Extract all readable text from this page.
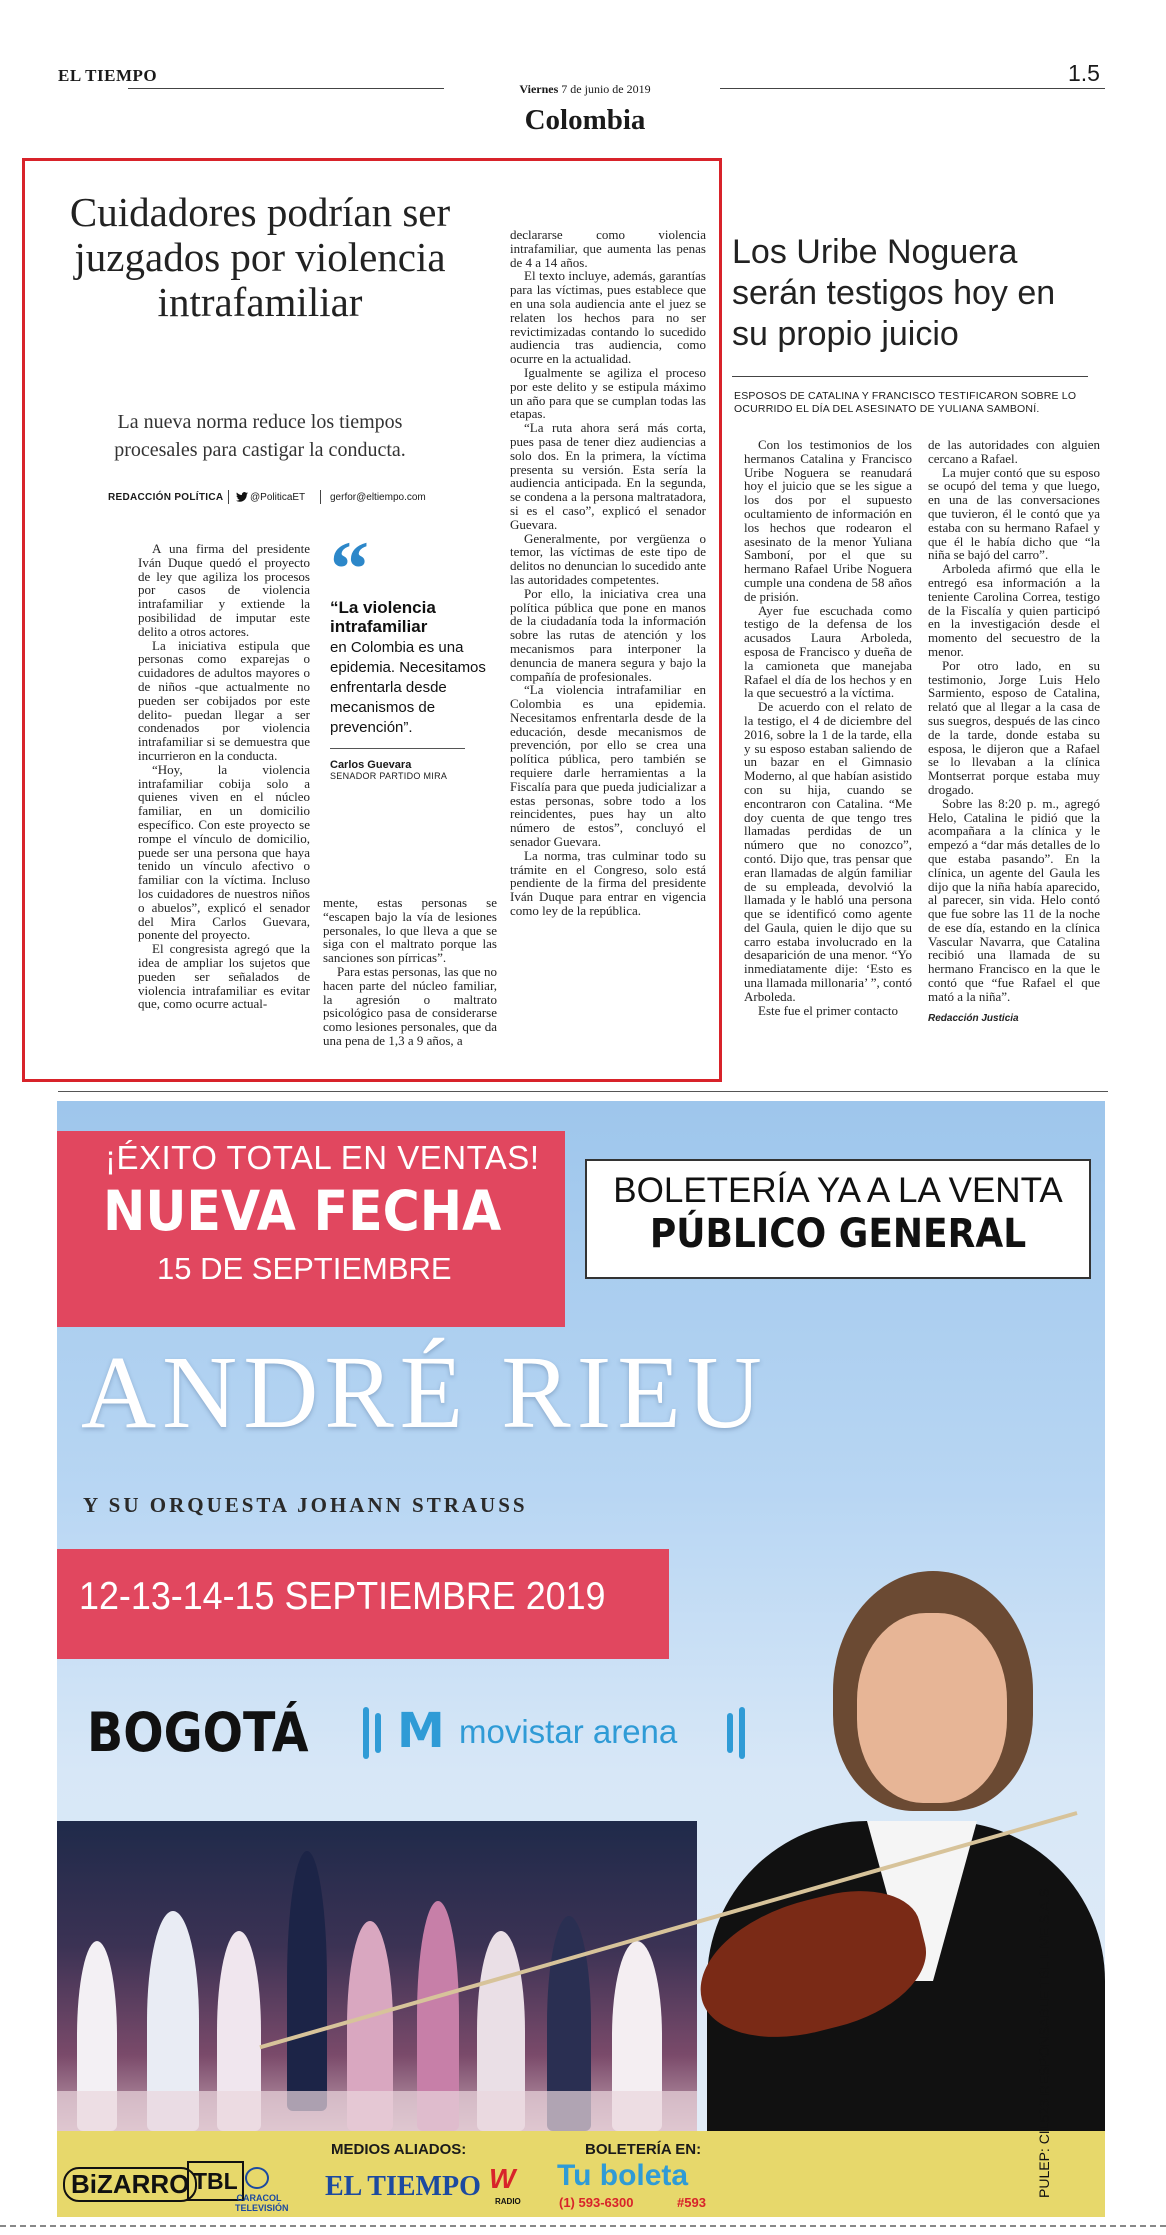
EL TIEMPO
Viernes 7 de junio de 2019
1.5
Colombia
Cuidadores podrían ser juzgados por violencia intrafamiliar
La nueva norma reduce los tiempos procesales para castigar la conducta.
REDACCIÓN POLÍTICA	@PoliticaET gerfor@eltiempo.com

A una firma del presidente Iván Duque quedó el proyecto de ley que agiliza los procesos por casos de violencia intrafamiliar y extiende la posibilidad de imputar este delito a otros actores.

La iniciativa estipula que personas como exparejas o cuidadores de adultos mayores o de niños -que actualmente no pueden ser cobijados por este delito- puedan llegar a ser condenados por violencia intrafamiliar si se demuestra que incurrieron en la conducta.

“Hoy, la violencia intrafamiliar cobija solo a quienes viven en el núcleo familiar, en un domicilio específico. Con este proyecto se rompe el vínculo de domicilio, puede ser una persona que haya tenido un vínculo afectivo o familiar con la víctima. Incluso los cuidadores de nuestros niños o abuelos”, explicó el senador del Mira Carlos Guevara, ponente del proyecto.

El congresista agregó que la idea de ampliar los sujetos que pueden ser señalados de violencia intrafamiliar es evitar que, como ocurre actual-

“
“La violencia intrafamiliar
en Colombia es una epidemia. Necesitamos enfrentarla desde mecanismos de prevención”.
Carlos Guevara
SENADOR PARTIDO MIRA

mente, estas personas se “escapen bajo la vía de lesiones personales, lo que lleva a que se siga con el maltrato porque las sanciones son pírricas”.

Para estas personas, las que no hacen parte del núcleo familiar, la agresión o maltrato psicológico pasa de considerarse como lesiones personales, que da una pena de 1,3 a 9 años, a

declararse como violencia intrafamiliar, que aumenta las penas de 4 a 14 años.

El texto incluye, además, garantías para las víctimas, pues establece que en una sola audiencia ante el juez se relaten los hechos para no ser revictimizadas contando lo sucedido audiencia tras audiencia, como ocurre en la actualidad.

Igualmente se agiliza el proceso por este delito y se estipula máximo un año para que se cumplan todas las etapas.

“La ruta ahora será más corta, pues pasa de tener diez audiencias a solo dos. En la primera, la víctima presenta su versión. Esta sería la audiencia anticipada. En la segunda, se condena a la persona maltratadora, si es el caso”, explicó el senador Guevara.

Generalmente, por vergüenza o temor, las víctimas de este tipo de delitos no denuncian lo sucedido ante las autoridades competentes.

Por ello, la iniciativa crea una política pública que pone en manos de la ciudadanía toda la información sobre las rutas de atención y los mecanismos para interponer la denuncia de manera segura y bajo la compañía de profesionales.

“La violencia intrafamiliar en Colombia es una epidemia. Necesitamos enfrentarla desde de la educación, desde mecanismos de prevención, por ello se crea una política pública, pero también se requiere darle herramientas a la Fiscalía para que pueda judicializar a estas personas, sobre todo a los reincidentes, pues hay un alto número de estos”, concluyó el senador Guevara.

La norma, tras culminar todo su trámite en el Congreso, solo está pendiente de la firma del presidente Iván Duque para entrar en vigencia como ley de la república.

Los Uribe Noguera serán testigos hoy en su propio juicio
ESPOSOS DE CATALINA Y FRANCISCO TESTIFICARON SOBRE LO OCURRIDO EL DÍA DEL ASESINATO DE YULIANA SAMBONÍ.

Con los testimonios de los hermanos Catalina y Francisco Uribe Noguera se reanudará hoy el juicio que se les sigue a los dos por el supuesto ocultamiento de información en los hechos que rodearon el asesinato de la menor Yuliana Samboní, por el que su hermano Rafael Uribe Noguera cumple una condena de 58 años de prisión.

Ayer fue escuchada como testigo de la defensa de los acusados Laura Arboleda, esposa de Francisco y dueña de la camioneta que manejaba Rafael el día de los hechos y en la que secuestró a la víctima.

De acuerdo con el relato de la testigo, el 4 de diciembre del 2016, sobre la 1 de la tarde, ella y su esposo estaban saliendo de un bazar en el Gimnasio Moderno, al que habían asistido con su hija, cuando se encontraron con Catalina. “Me doy cuenta de que tengo tres llamadas perdidas de un número que no conozco”, contó. Dijo que, tras pensar que eran llamadas de algún familiar de su empleada, devolvió la llamada y le habló una persona que se identificó como agente del Gaula, quien le dijo que su carro estaba involucrado en la desaparición de una menor. “Yo inmediatamente dije: ‘Esto es una llamada millonaria’ ”, contó Arboleda.

Este fue el primer contacto

de las autoridades con alguien cercano a Rafael.

La mujer contó que su esposo se ocupó del tema y que luego, en una de las conversaciones que tuvieron, él le contó que ya estaba con su hermano Rafael y que él le había dicho que “la niña se bajó del carro”.

Arboleda afirmó que ella le entregó esa información a la teniente Carolina Correa, testigo de la Fiscalía y quien participó en la investigación desde el momento del secuestro de la menor.

Por otro lado, en su testimonio, Jorge Luis Helo Sarmiento, esposo de Catalina, relató que al llegar a la casa de sus suegros, después de las cinco de la tarde, donde estaba su esposa, le dijeron que a Rafael se lo llevaban a la clínica Montserrat porque estaba muy drogado.

Sobre las 8:20 p. m., agregó Helo, Catalina le pidió que la acompañara a la clínica y le empezó a “dar más detalles de lo que estaba pasando”. En la clínica, un agente del Gaula les dijo que la niña había aparecido, al parecer, sin vida. Helo contó que fue sobre las 11 de la noche de ese día, estando en la clínica Vascular Navarra, que Catalina recibió una llamada de su hermano Francisco en la que le contó que “fue Rafael el que mató a la niña”.

Redacción Justicia
¡ÉXITO TOTAL EN VENTAS!
NUEVA FECHA
15 DE SEPTIEMBRE
BOLETERÍA YA A LA VENTA
PÚBLICO GENERAL
ANDRÉ RIEU
Y SU ORQUESTA JOHANN STRAUSS
12-13-14-15 SEPTIEMBRE 2019
BOGOTÁ M movistar arena
MEDIOS ALIADOS:	BOLETERÍA EN:
BiZARRO TBL
CARACOL TELEVISIÓN
EL TIEMPO W
RADIO
Tu boleta
(1) 593-6300	#593
PULEP: CIL523 RESPONSABLE TBL LIVE S.A.S
